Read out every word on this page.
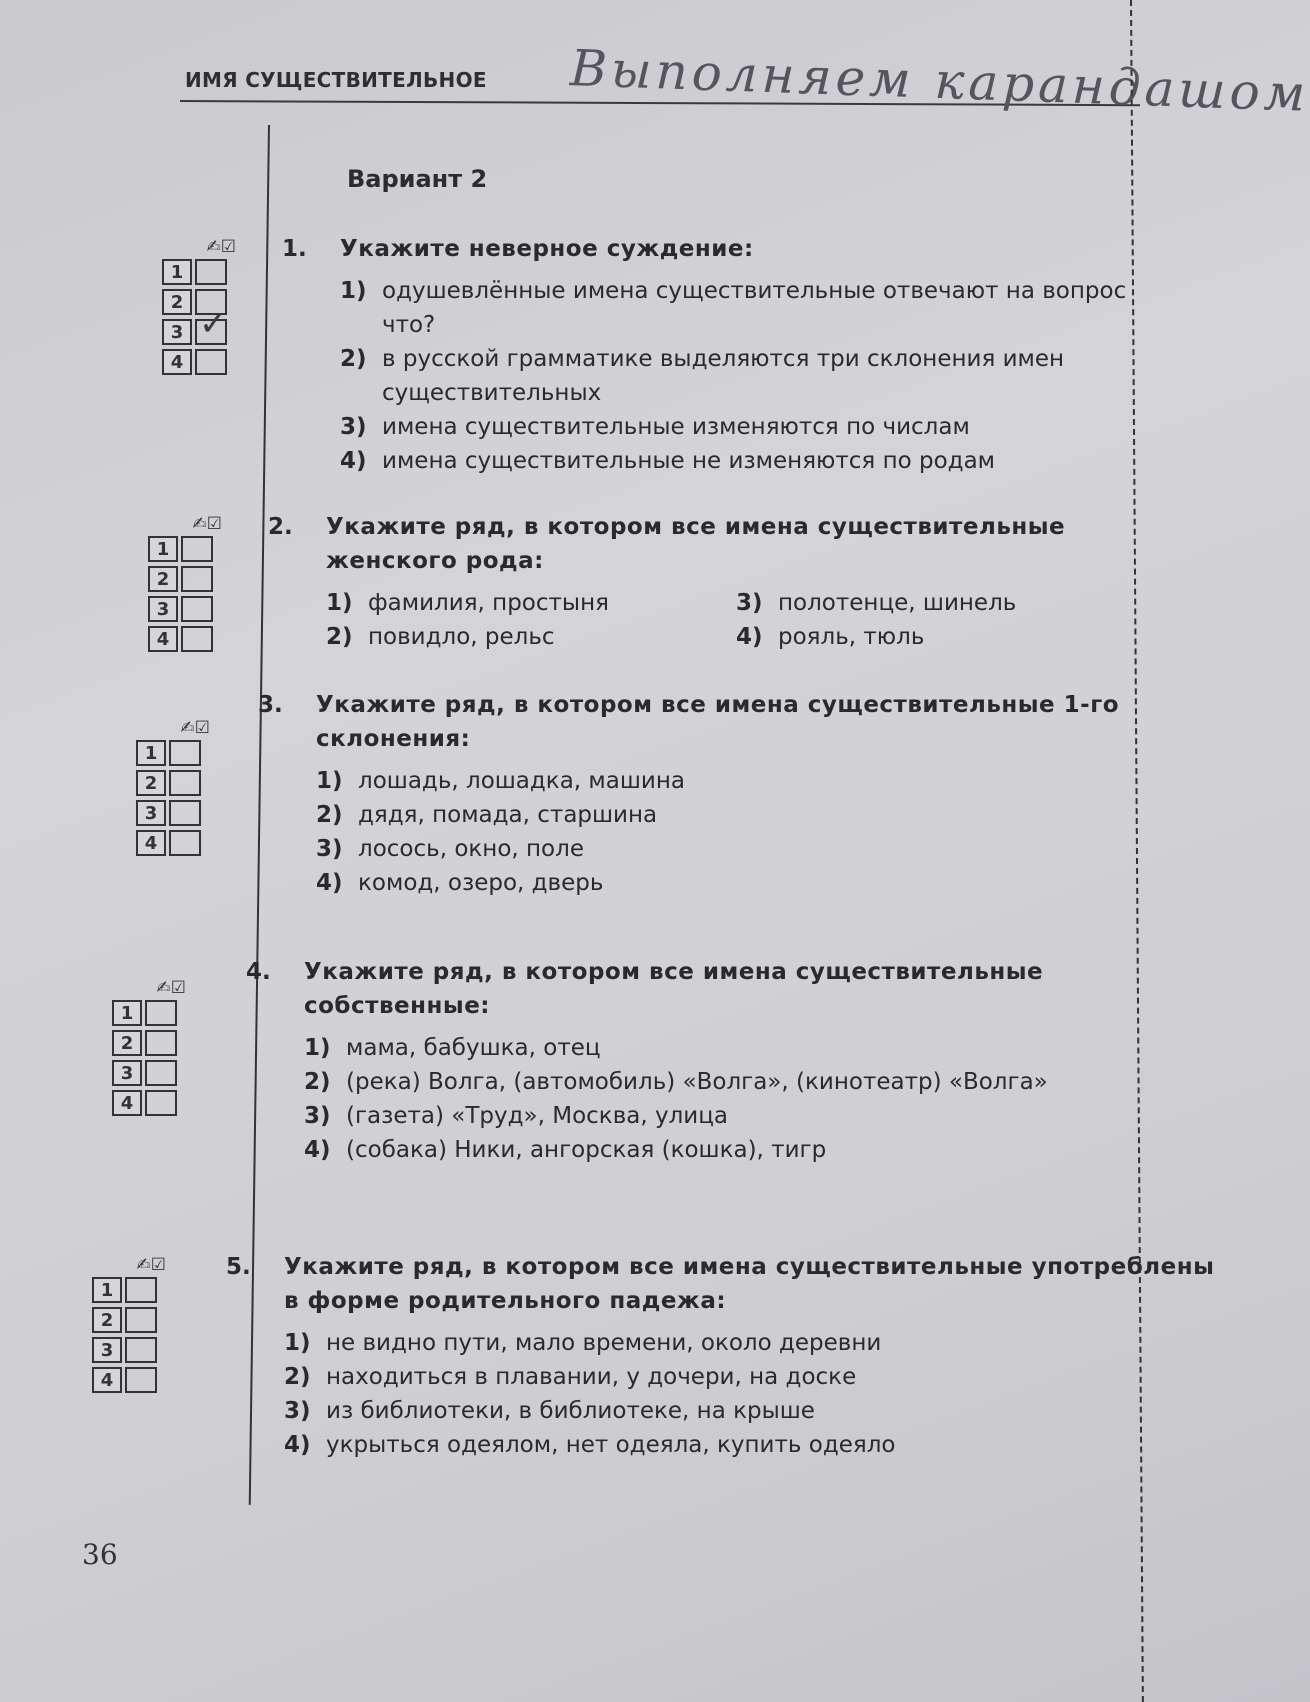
ИМЯ СУЩЕСТВИТЕЛЬНОЕ Выполняем карандашом
Вариант 2
36
✍☑
1
2
3 ✓
4
✍☑
1
2
3
4
✍☑
1
2
3
4
✍☑
1
2
3
4
✍☑
1
2
3
4
1. Укажите неверное суждение:
1) одушевлённые имена существительные отвечают на вопрос что?
2) в русской грамматике выделяются три склонения имен существительных
3) имена существительные изменяются по числам
4) имена существительные не изменяются по родам
2. Укажите ряд, в котором все имена существительные женского рода:
1) фамилия, простыня	3) полотенце, шинель
2) повидло, рельс	4) рояль, тюль
3. Укажите ряд, в котором все имена существительные 1-го склонения:
1) лошадь, лошадка, машина
2) дядя, помада, старшина
3) лосось, окно, поле
4) комод, озеро, дверь
4. Укажите ряд, в котором все имена существительные собственные:
1) мама, бабушка, отец
2) (река) Волга, (автомобиль) «Волга», (кинотеатр) «Волга»
3) (газета) «Труд», Москва, улица
4) (собака) Ники, ангорская (кошка), тигр
5. Укажите ряд, в котором все имена существительные употреблены в форме родительного падежа:
1) не видно пути, мало времени, около деревни
2) находиться в плавании, у дочери, на доске
3) из библиотеки, в библиотеке, на крыше
4) укрыться одеялом, нет одеяла, купить одеяло
